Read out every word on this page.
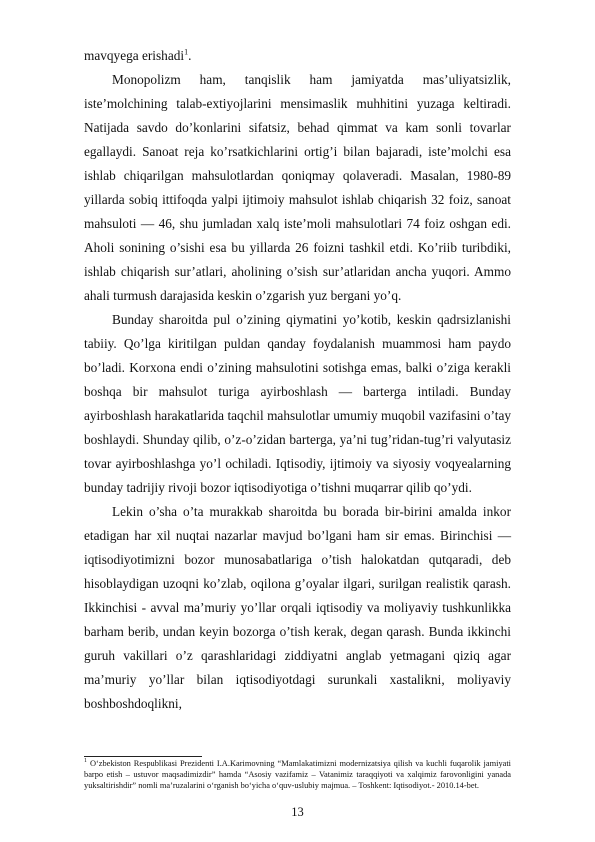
mavqyega erishadi$^1$.

Monopolizm ham, tanqislik ham jamiyatda mas’uliyatsizlik, iste’molchining talab-extiyojlarini mensimaslik muhhitini yuzaga keltiradi. Natijada savdo do’konlarini sifatsiz, behad qimmat va kam sonli tovarlar egallaydi. Sanoat reja ko’rsatkichlarini ortig’i bilan bajaradi, iste’molchi esa ishlab chiqarilgan mahsulotlardan qoniqmay qolaveradi. Masalan, 1980-89 yillarda sobiq ittifoqda yalpi ijtimoiy mahsulot ishlab chiqarish 32 foiz, sanoat mahsuloti — 46, shu jumladan xalq iste’moli mahsulotlari 74 foiz oshgan edi. Aholi sonining o’sishi esa bu yillarda 26 foizni tashkil etdi. Ko’riib turibdiki, ishlab chiqarish sur’atlari, aholining o’sish sur’atlaridan ancha yuqori. Ammo ahali turmush darajasida keskin o’zgarish yuz bergani yo’q.

Bunday sharoitda pul o’zining qiymatini yo’kotib, keskin qadrsizlanishi tabiiy. Qo’lga kiritilgan puldan qanday foydalanish muammosi ham paydo bo’ladi. Korxona endi o’zining mahsulotini sotishga emas, balki o’ziga kerakli boshqa bir mahsulot turiga ayirboshlash — barterga intiladi. Bunday ayirboshlash harakatlarida taqchil mahsulotlar umumiy muqobil vazifasini o’tay boshlaydi. Shunday qilib, o’z-o’zidan barterga, ya’ni tug’ridan-tug’ri valyutasiz tovar ayirboshlashga yo’l ochiladi. Iqtisodiy, ijtimoiy va siyosiy voqyealarning bunday tadrijiy rivoji bozor iqtisodiyotiga o’tishni muqarrar qilib qo’ydi.

Lekin o’sha o’ta murakkab sharoitda bu borada bir-birini amalda inkor etadigan har xil nuqtai nazarlar mavjud bo’lgani ham sir emas. Birinchisi — iqtisodiyotimizni bozor munosabatlariga o’tish halokatdan qutqaradi, deb hisoblaydigan uzoqni ko’zlab, oqilona g’oyalar ilgari, surilgan realistik qarash. Ikkinchisi - avval ma’muriy yo’llar orqali iqtisodiy va moliyaviy tushkunlikka barham berib, undan keyin bozorga o’tish kerak, degan qarash. Bunda ikkinchi guruh vakillari o’z qarashlaridagi ziddiyatni anglab yetmagani qiziq agar ma’muriy yo’llar bilan iqtisodiyotdagi surunkali xastalikni, moliyaviy boshboshdoqlikni,

$^1$ O‘zbekiston Respublikasi Prezidenti I.A.Karimovning “Mamlakatimizni modernizatsiya qilish va kuchli fuqarolik jamiyati barpo etish – ustuvor maqsadimizdir” hamda “Asosiy vazifamiz – Vatanimiz taraqqiyoti va xalqimiz farovonligini yanada yuksaltirishdir” nomli ma’ruzalarini o‘rganish bo‘yicha o‘quv-uslubiy majmua. – Toshkent: Iqtisodiyot.- 2010.14-bet.
13
